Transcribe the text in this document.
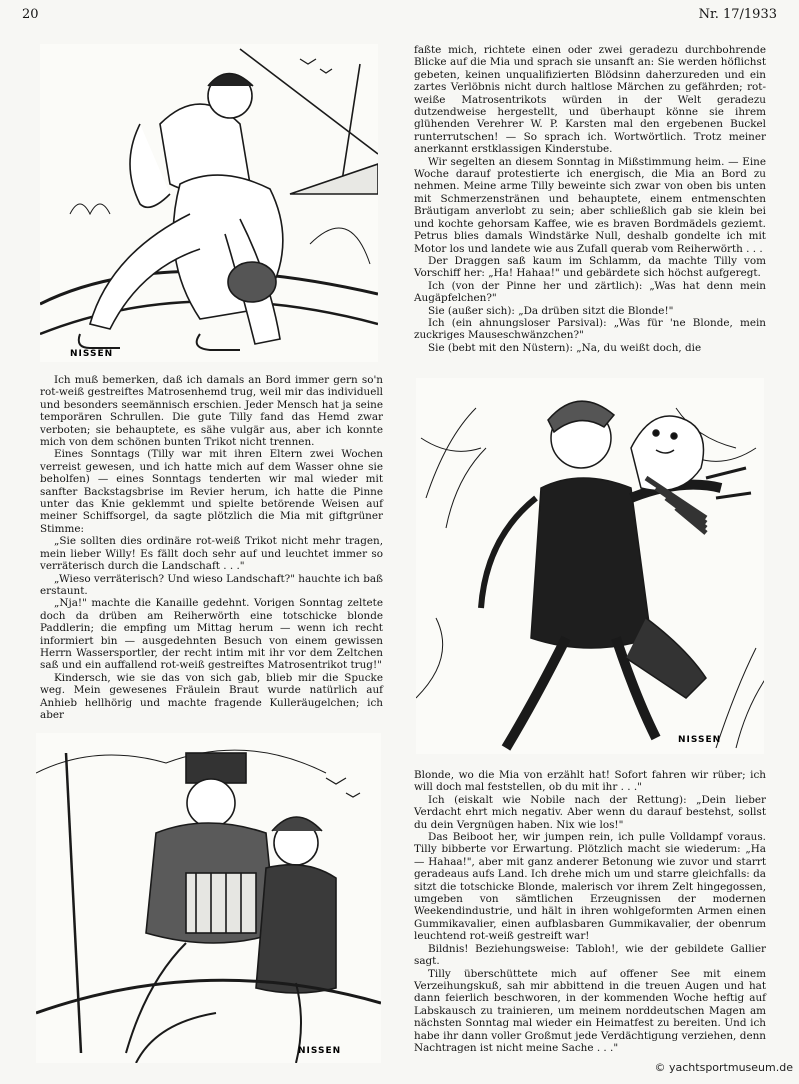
20	Nr. 17/1933
NISSEN

Ich muß bemerken, daß ich damals an Bord immer gern so'n rot-weiß gestreiftes Matrosenhemd trug, weil mir das individuell und besonders seemännisch erschien. Jeder Mensch hat ja seine temporären Schrullen. Die gute Tilly fand das Hemd zwar verboten; sie behauptete, es sähe vulgär aus, aber ich konnte mich von dem schönen bunten Trikot nicht trennen.

Eines Sonntags (Tilly war mit ihren Eltern zwei Wochen verreist gewesen, und ich hatte mich auf dem Wasser ohne sie beholfen) — eines Sonntags tenderten wir mal wieder mit sanfter Backstagsbrise im Revier herum, ich hatte die Pinne unter das Knie geklemmt und spielte betörende Weisen auf meiner Schiffsorgel, da sagte plötzlich die Mia mit giftgrüner Stimme:

„Sie sollten dies ordinäre rot-weiß Trikot nicht mehr tragen, mein lieber Willy! Es fällt doch sehr auf und leuchtet immer so verräterisch durch die Landschaft . . ."

„Wieso verräterisch? Und wieso Landschaft?" hauchte ich baß erstaunt.

„Nja!" machte die Kanaille gedehnt. Vorigen Sonntag zeltete doch da drüben am Reiherwörth eine totschicke blonde Paddlerin; die empfing um Mittag herum — wenn ich recht informiert bin — ausgedehnten Besuch von einem gewissen Herrn Wassersportler, der recht intim mit ihr vor dem Zeltchen saß und ein auffallend rot-weiß gestreiftes Matrosentrikot trug!"

Kindersch, wie sie das von sich gab, blieb mir die Spucke weg. Mein gewesenes Fräulein Braut wurde natürlich auf Anhieb hellhörig und machte fragende Kulleräugelchen; ich aber

NISSEN

faßte mich, richtete einen oder zwei geradezu durchbohrende Blicke auf die Mia und sprach sie unsanft an: Sie werden höflichst gebeten, keinen unqualifizierten Blödsinn daherzureden und ein zartes Verlöbnis nicht durch haltlose Märchen zu gefährden; rot-weiße Matrosentrikots würden in der Welt geradezu dutzendweise hergestellt, und überhaupt könne sie ihrem glühenden Verehrer W. P. Karsten mal den ergebenen Buckel runterrutschen! — So sprach ich. Wortwörtlich. Trotz meiner anerkannt erstklassigen Kinderstube.

Wir segelten an diesem Sonntag in Mißstimmung heim. — Eine Woche darauf protestierte ich energisch, die Mia an Bord zu nehmen. Meine arme Tilly beweinte sich zwar von oben bis unten mit Schmerzenstränen und behauptete, einem entmenschten Bräutigam anverlobt zu sein; aber schließlich gab sie klein bei und kochte gehorsam Kaffee, wie es braven Bordmädels geziemt. Petrus blies damals Windstärke Null, deshalb gondelte ich mit Motor los und landete wie aus Zufall querab vom Reiherwörth . . .

Der Draggen saß kaum im Schlamm, da machte Tilly vom Vorschiff her: „Ha! Hahaa!" und gebärdete sich höchst aufgeregt.

Ich (von der Pinne her und zärtlich): „Was hat denn mein Augäpfelchen?"

Sie (außer sich): „Da drüben sitzt die Blonde!"

Ich (ein ahnungsloser Parsival): „Was für 'ne Blonde, mein zuckriges Mauseschwänzchen?"

Sie (bebt mit den Nüstern): „Na, du weißt doch, die

NISSEN

Blonde, wo die Mia von erzählt hat! Sofort fahren wir rüber; ich will doch mal feststellen, ob du mit ihr . . ."

Ich (eiskalt wie Nobile nach der Rettung): „Dein lieber Verdacht ehrt mich negativ. Aber wenn du darauf bestehst, sollst du dein Vergnügen haben. Nix wie los!"

Das Beiboot her, wir jumpen rein, ich pulle Volldampf voraus. Tilly bibberte vor Erwartung. Plötzlich macht sie wiederum: „Ha — Hahaa!", aber mit ganz anderer Betonung wie zuvor und starrt geradeaus aufs Land. Ich drehe mich um und starre gleichfalls: da sitzt die totschicke Blonde, malerisch vor ihrem Zelt hingegossen, umgeben von sämtlichen Erzeugnissen der modernen Weekendindustrie, und hält in ihren wohlgeformten Armen einen Gummikavalier, einen aufblasbaren Gummikavalier, der obenrum leuchtend rot-weiß gestreift war!

Bildnis! Beziehungsweise: Tabloh!, wie der gebildete Gallier sagt.

Tilly überschüttete mich auf offener See mit einem Verzeihungskuß, sah mir abbittend in die treuen Augen und hat dann feierlich beschworen, in der kommenden Woche heftig auf Labskausch zu trainieren, um meinem norddeutschen Magen am nächsten Sonntag mal wieder ein Heimatfest zu bereiten. Und ich habe ihr dann voller Großmut jede Verdächtigung verziehen, denn Nachtragen ist nicht meine Sache . . ."

© yachtsportmuseum.de
